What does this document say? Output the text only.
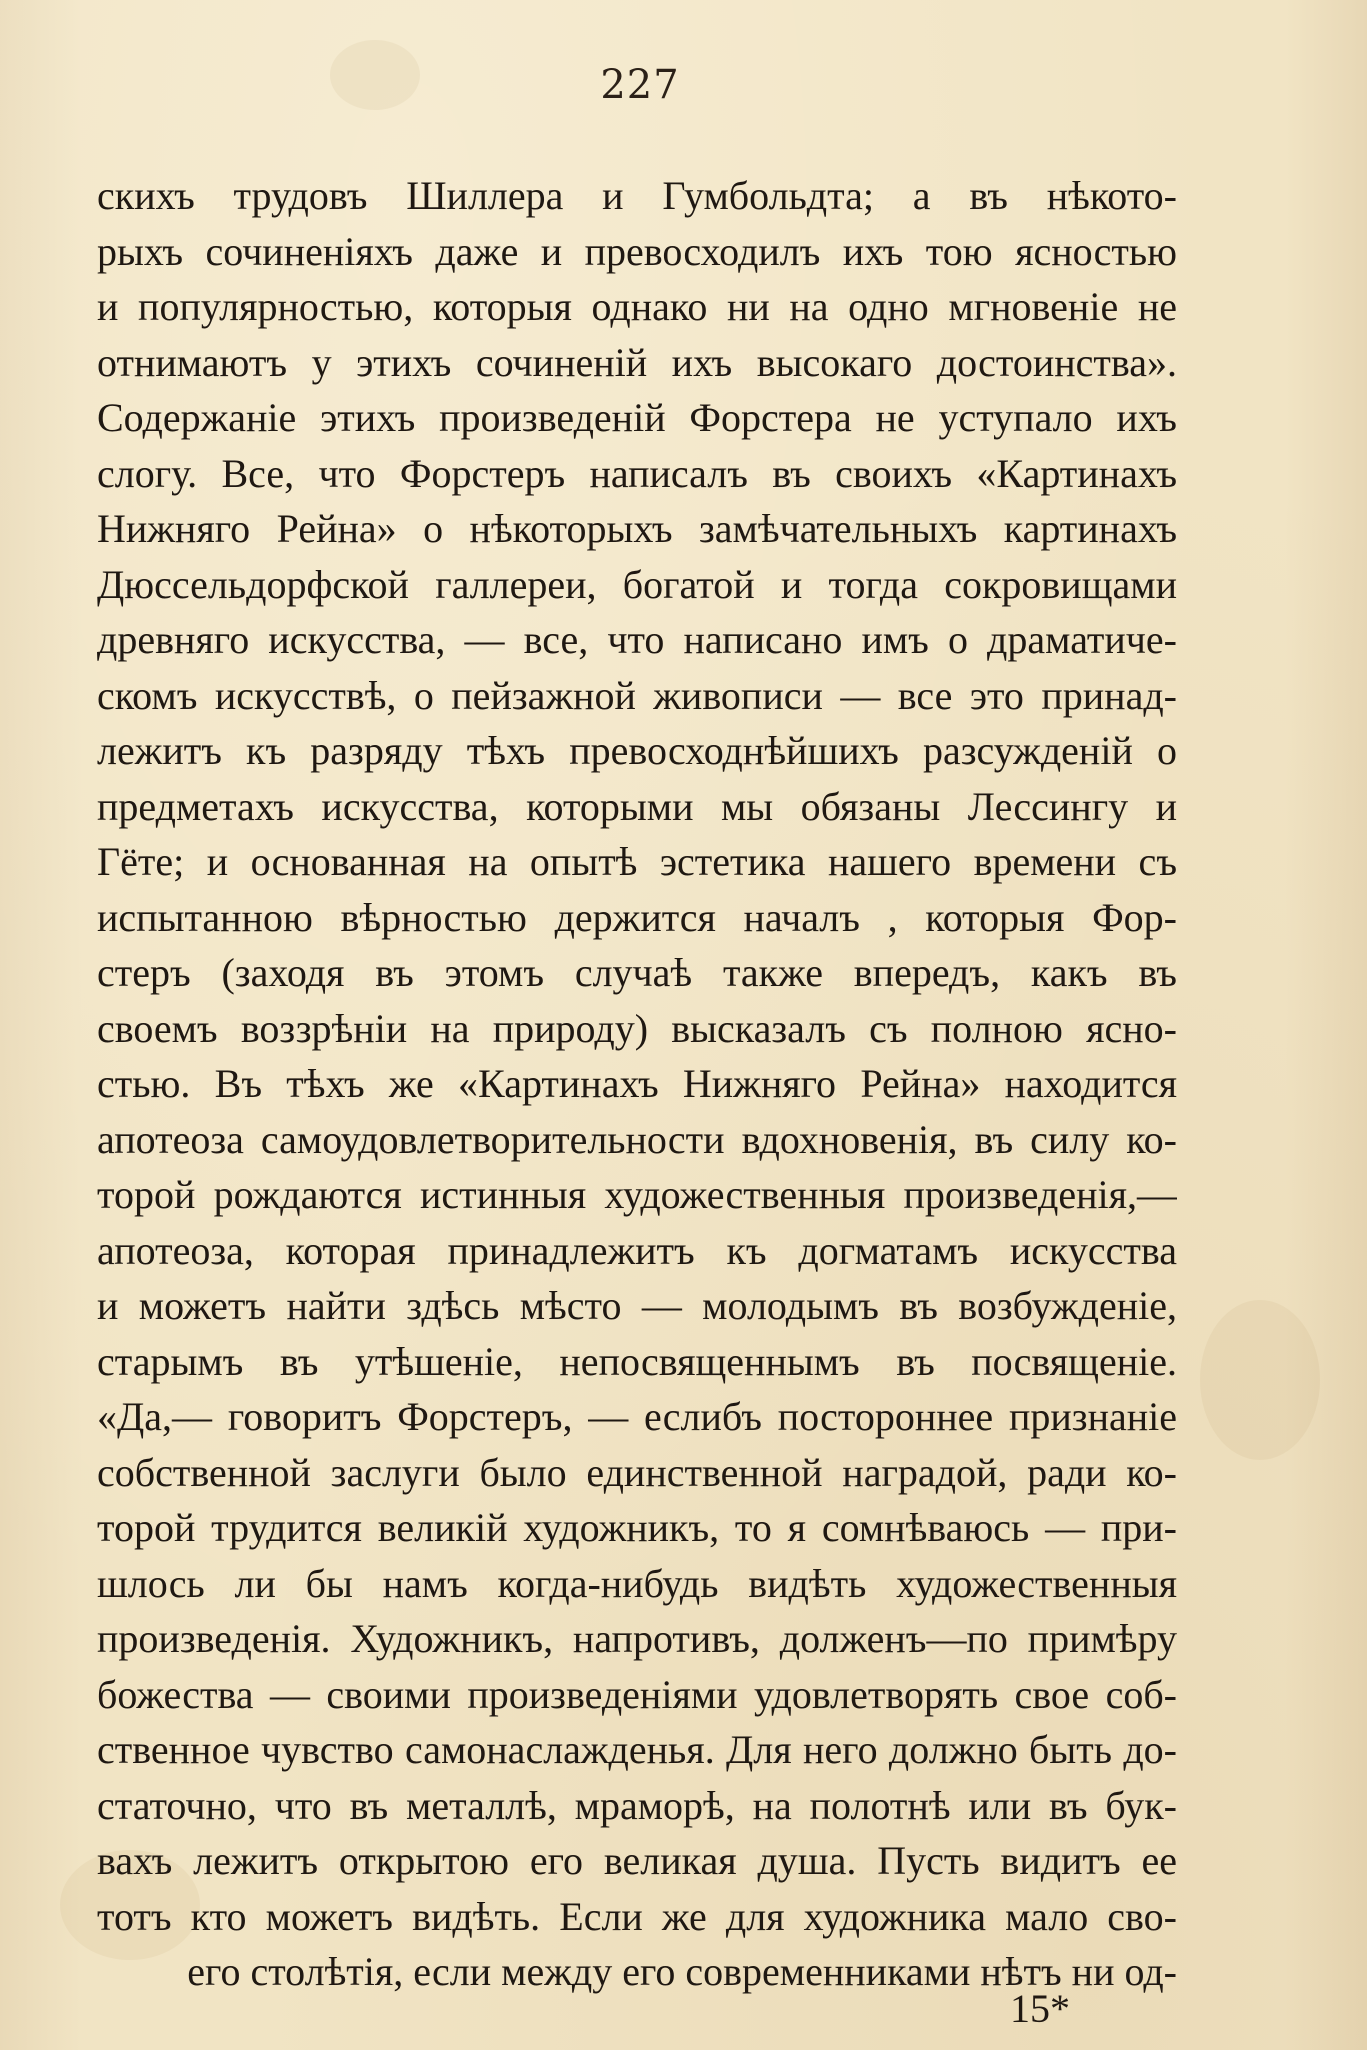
227
скихъ трудовъ Шиллера и Гумбольдта; а въ нѣкото-
рыхъ сочиненіяхъ даже и превосходилъ ихъ тою ясностью
и популярностью, которыя однако ни на одно мгновеніе не
отнимаютъ у этихъ сочиненій ихъ высокаго достоинства».
Содержаніе этихъ произведеній Форстера не уступало ихъ
слогу. Все, что Форстеръ написалъ въ своихъ «Картинахъ
Нижняго Рейна» о нѣкоторыхъ замѣчательныхъ картинахъ
Дюссельдорфской галлереи, богатой и тогда сокровищами
древняго искусства, — все, что написано имъ о драматиче-
скомъ искусствѣ, о пейзажной живописи — все это принад-
лежитъ къ разряду тѣхъ превосходнѣйшихъ разсужденій о
предметахъ искусства, которыми мы обязаны Лессингу и
Гёте; и основанная на опытѣ эстетика нашего времени съ
испытанною вѣрностью держится началъ , которыя Фор-
стеръ (заходя въ этомъ случаѣ также впередъ, какъ въ
своемъ воззрѣніи на природу) высказалъ съ полною ясно-
стью. Въ тѣхъ же «Картинахъ Нижняго Рейна» находится
апотеоза самоудовлетворительности вдохновенія, въ силу ко-
торой рождаются истинныя художественныя произведенія,—
апотеоза, которая принадлежитъ къ догматамъ искусства
и можетъ найти здѣсь мѣсто — молодымъ въ возбужденіе,
старымъ въ утѣшеніе, непосвященнымъ въ посвященіе.
«Да,— говоритъ Форстеръ, — еслибъ постороннее признаніе
собственной заслуги было единственной наградой, ради ко-
торой трудится великій художникъ, то я сомнѣваюсь — при-
шлось ли бы намъ когда-нибудь видѣть художественныя
произведенія. Художникъ, напротивъ, долженъ—по примѣру
божества — своими произведеніями удовлетворять свое соб-
ственное чувство самонаслажденья. Для него должно быть до-
статочно, что въ металлѣ, мраморѣ, на полотнѣ или въ бук-
вахъ лежитъ открытою его великая душа. Пусть видитъ ее
тотъ кто можетъ видѣть. Если же для художника мало сво-
его столѣтія, если между его современниками нѣтъ ни од-
15*
